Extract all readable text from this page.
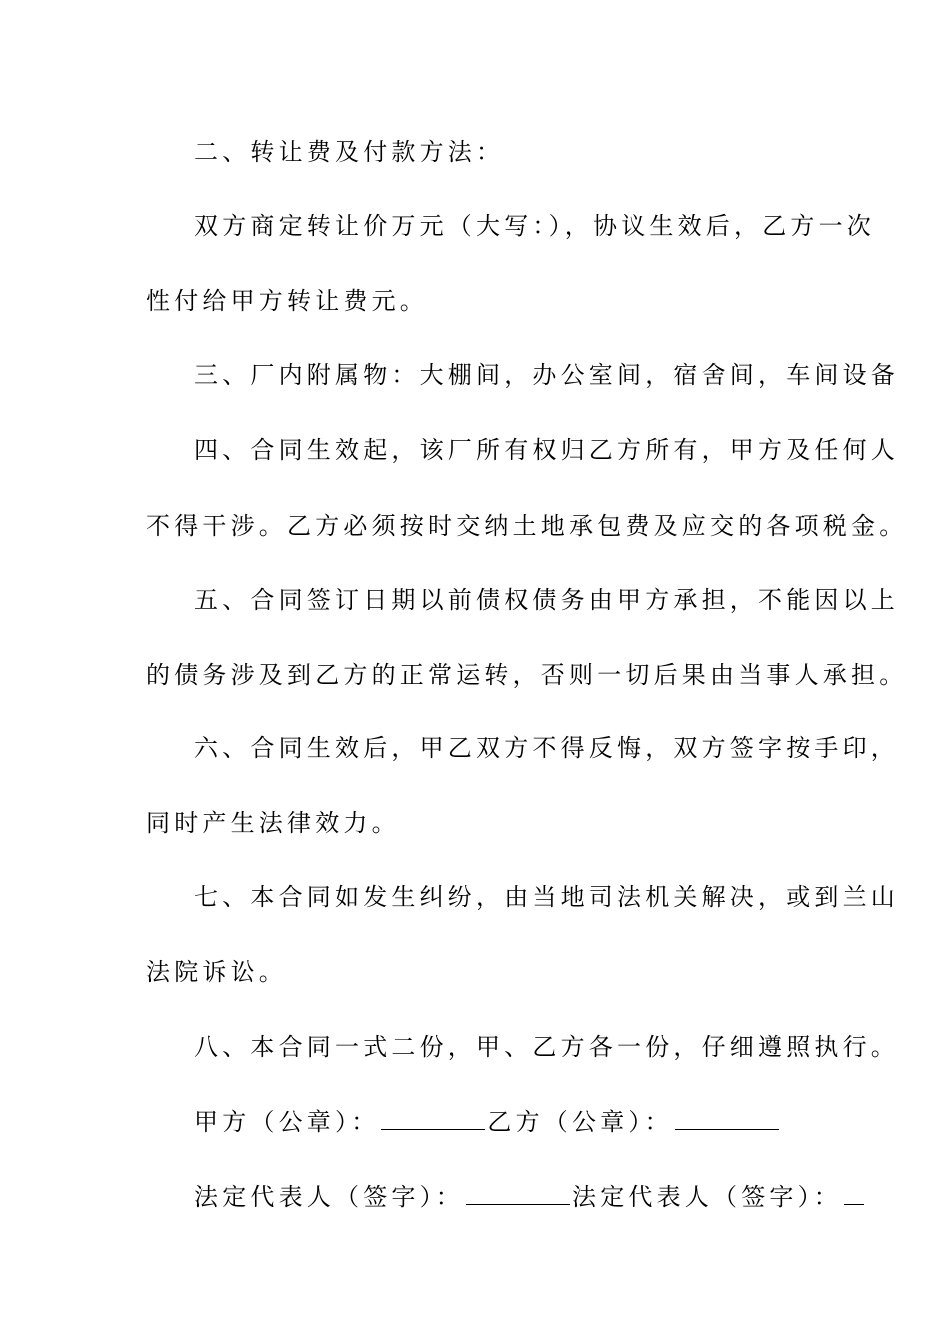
二、转让费及付款方法：
双方商定转让价万元（大写：），协议生效后，乙方一次
性付给甲方转让费元。
三、厂内附属物：大棚间，办公室间，宿舍间，车间设备
四、合同生效起，该厂所有权归乙方所有，甲方及任何人
不得干涉。乙方必须按时交纳土地承包费及应交的各项税金。
五、合同签订日期以前债权债务由甲方承担，不能因以上
的债务涉及到乙方的正常运转，否则一切后果由当事人承担。
六、合同生效后，甲乙双方不得反悔，双方签字按手印，
同时产生法律效力。
七、本合同如发生纠纷，由当地司法机关解决，或到兰山
法院诉讼。
八、本合同一式二份，甲、乙方各一份，仔细遵照执行。
甲方（公章）：	乙方（公章）：
法定代表人（签字）：	法定代表人（签字）：
